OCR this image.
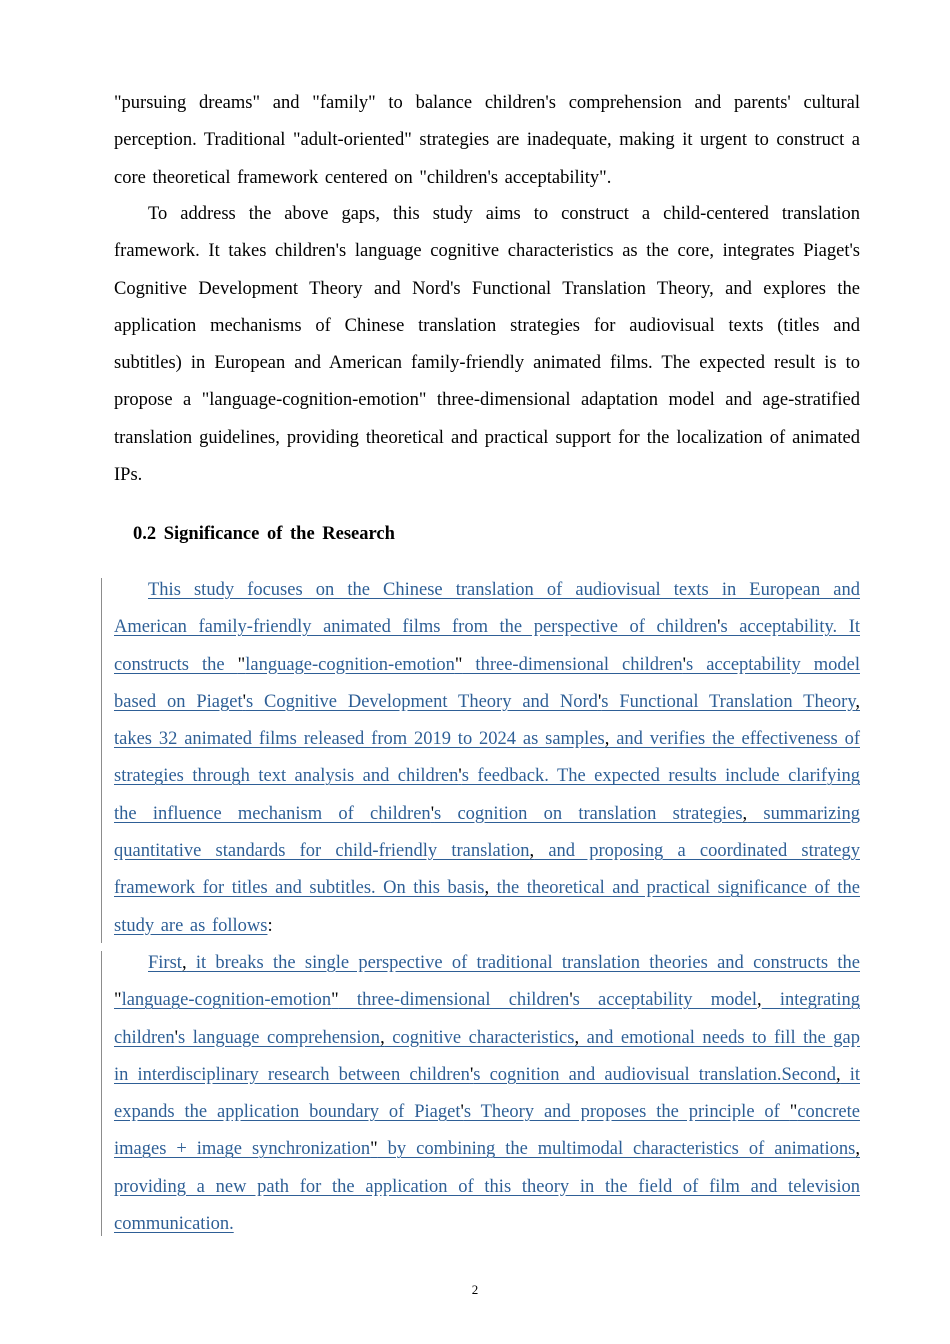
"pursuing dreams" and "family" to balance children's comprehension and parents' cultural perception. Traditional "adult-oriented" strategies are inadequate, making it urgent to construct a core theoretical framework centered on "children's acceptability".

To address the above gaps, this study aims to construct a child-centered translation framework. It takes children's language cognitive characteristics as the core, integrates Piaget's Cognitive Development Theory and Nord's Functional Translation Theory, and explores the application mechanisms of Chinese translation strategies for audiovisual texts (titles and subtitles) in European and American family-friendly animated films. The expected result is to propose a "language-cognition-emotion" three-dimensional adaptation model and age-stratified translation guidelines, providing theoretical and practical support for the localization of animated IPs.

0.2 Significance of the Research

This study focuses on the Chinese translation of audiovisual texts in European and American family-friendly animated films from the perspective of children's acceptability. It constructs the "language-cognition-emotion" three-dimensional children's acceptability model based on Piaget's Cognitive Development Theory and Nord's Functional Translation Theory, takes 32 animated films released from 2019 to 2024 as samples, and verifies the effectiveness of strategies through text analysis and children's feedback. The expected results include clarifying the influence mechanism of children's cognition on translation strategies, summarizing quantitative standards for child-friendly translation, and proposing a coordinated strategy framework for titles and subtitles. On this basis, the theoretical and practical significance of the study are as follows:

First, it breaks the single perspective of traditional translation theories and constructs the "language-cognition-emotion" three-dimensional children's acceptability model, integrating children's language comprehension, cognitive characteristics, and emotional needs to fill the gap in interdisciplinary research between children's cognition and audiovisual translation.Second, it expands the application boundary of Piaget's Theory and proposes the principle of "concrete images + image synchronization" by combining the multimodal characteristics of animations, providing a new path for the application of this theory in the field of film and television communication.

2
